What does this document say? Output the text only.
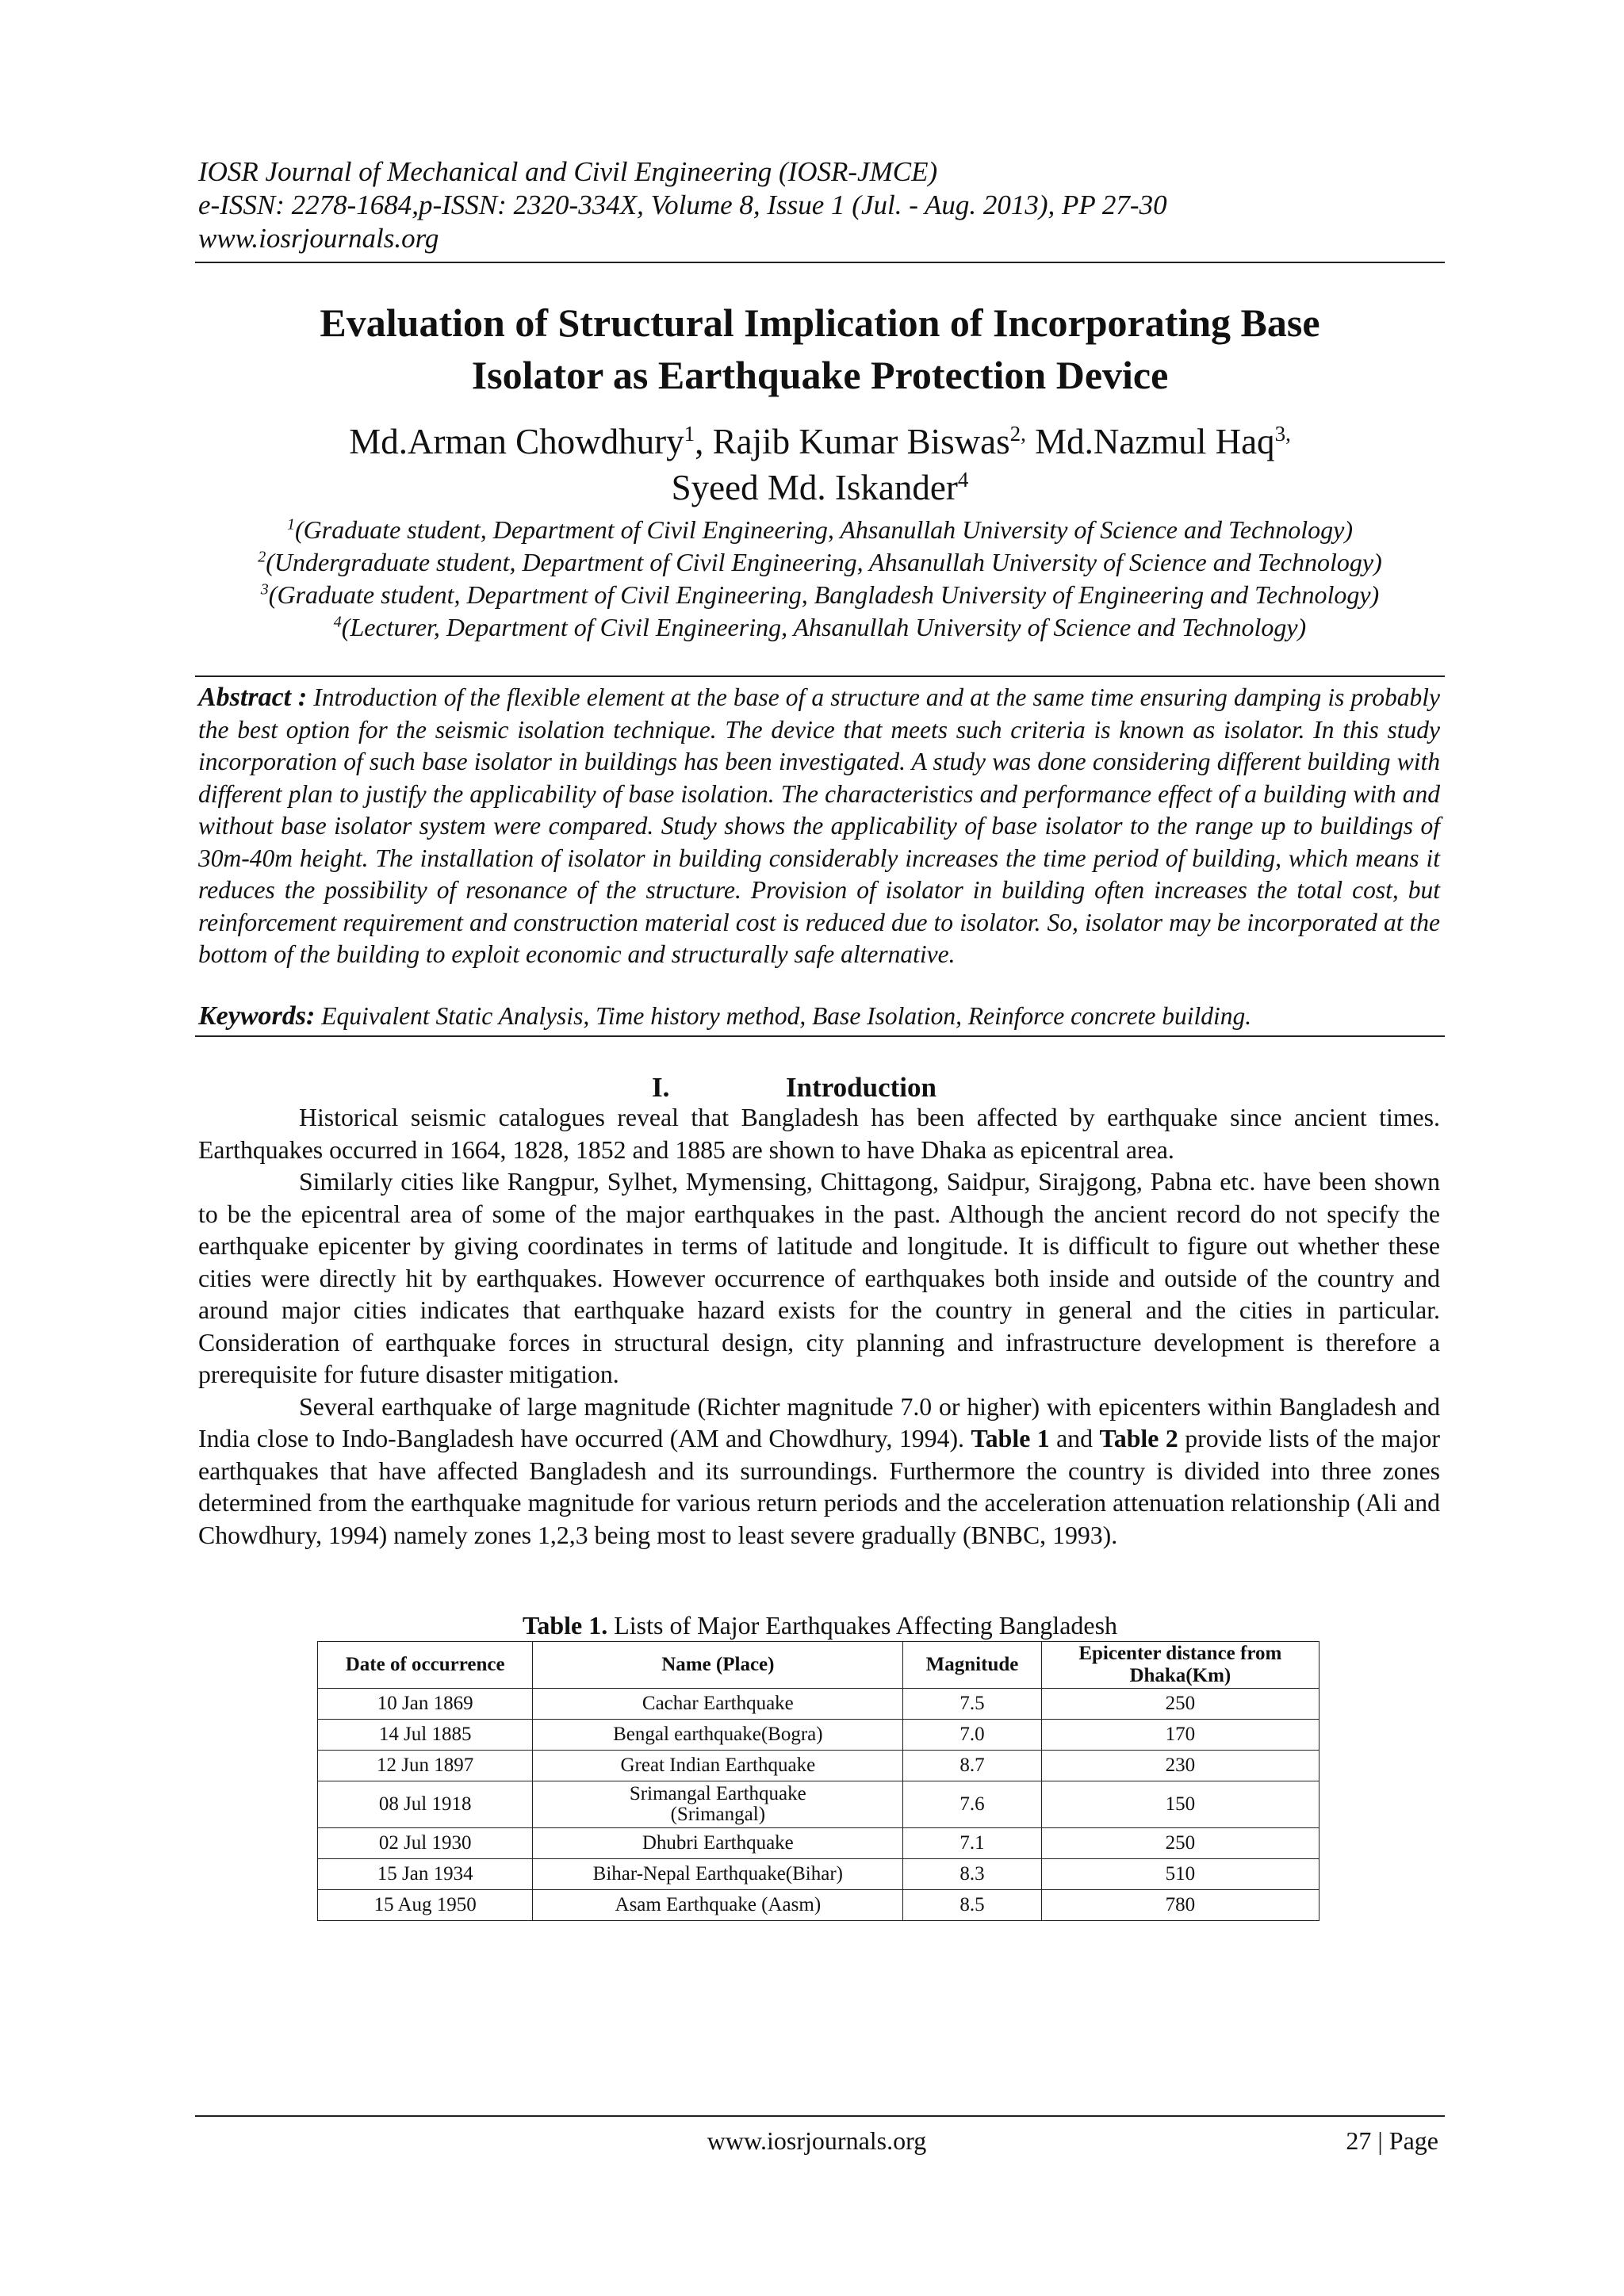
IOSR Journal of Mechanical and Civil Engineering (IOSR-JMCE)
e-ISSN: 2278-1684,p-ISSN: 2320-334X, Volume 8, Issue 1 (Jul. - Aug. 2013), PP 27-30
www.iosrjournals.org
Evaluation of Structural Implication of Incorporating Base
Isolator as Earthquake Protection Device
Md.Arman Chowdhury$^1$, Rajib Kumar Biswas$^{2,}$ Md.Nazmul Haq$^{3,}$
Syeed Md. Iskander$^4$
$^1$(Graduate student, Department of Civil Engineering, Ahsanullah University of Science and Technology)
$^2$(Undergraduate student, Department of Civil Engineering, Ahsanullah University of Science and Technology)
$^3$(Graduate student, Department of Civil Engineering, Bangladesh University of Engineering and Technology)
$^4$(Lecturer, Department of Civil Engineering, Ahsanullah University of Science and Technology)
Abstract : Introduction of the flexible element at the base of a structure and at the same time ensuring damping is probably the best option for the seismic isolation technique. The device that meets such criteria is known as isolator. In this study incorporation of such base isolator in buildings has been investigated. A study was done considering different building with different plan to justify the applicability of base isolation. The characteristics and performance effect of a building with and without base isolator system were compared. Study shows the applicability of base isolator to the range up to buildings of 30m-40m height. The installation of isolator in building considerably increases the time period of building, which means it reduces the possibility of resonance of the structure. Provision of isolator in building often increases the total cost, but reinforcement requirement and construction material cost is reduced due to isolator. So, isolator may be incorporated at the bottom of the building to exploit economic and structurally safe alternative.
Keywords: Equivalent Static Analysis, Time history method, Base Isolation, Reinforce concrete building.
I.	Introduction

Historical seismic catalogues reveal that Bangladesh has been affected by earthquake since ancient times. Earthquakes occurred in 1664, 1828, 1852 and 1885 are shown to have Dhaka as epicentral area.

Similarly cities like Rangpur, Sylhet, Mymensing, Chittagong, Saidpur, Sirajgong, Pabna etc. have been shown to be the epicentral area of some of the major earthquakes in the past. Although the ancient record do not specify the earthquake epicenter by giving coordinates in terms of latitude and longitude. It is difficult to figure out whether these cities were directly hit by earthquakes. However occurrence of earthquakes both inside and outside of the country and around major cities indicates that earthquake hazard exists for the country in general and the cities in particular. Consideration of earthquake forces in structural design, city planning and infrastructure development is therefore a prerequisite for future disaster mitigation.

Several earthquake of large magnitude (Richter magnitude 7.0 or higher) with epicenters within Bangladesh and India close to Indo-Bangladesh have occurred (AM and Chowdhury, 1994). Table 1 and Table 2 provide lists of the major earthquakes that have affected Bangladesh and its surroundings. Furthermore the country is divided into three zones determined from the earthquake magnitude for various return periods and the acceleration attenuation relationship (Ali and Chowdhury, 1994) namely zones 1,2,3 being most to least severe gradually (BNBC, 1993).

Table 1. Lists of Major Earthquakes Affecting Bangladesh
Date of occurrence	Name (Place)	Magnitude	Epicenter distance from Dhaka(Km)
10 Jan 1869	Cachar Earthquake	7.5	250
14 Jul 1885	Bengal earthquake(Bogra)	7.0	170
12 Jun 1897	Great Indian Earthquake	8.7	230
08 Jul 1918	Srimangal Earthquake (Srimangal)	7.6	150
02 Jul 1930	Dhubri Earthquake	7.1	250
15 Jan 1934	Bihar-Nepal Earthquake(Bihar)	8.3	510
15 Aug 1950	Asam Earthquake (Aasm)	8.5	780
www.iosrjournals.org	27 | Page
